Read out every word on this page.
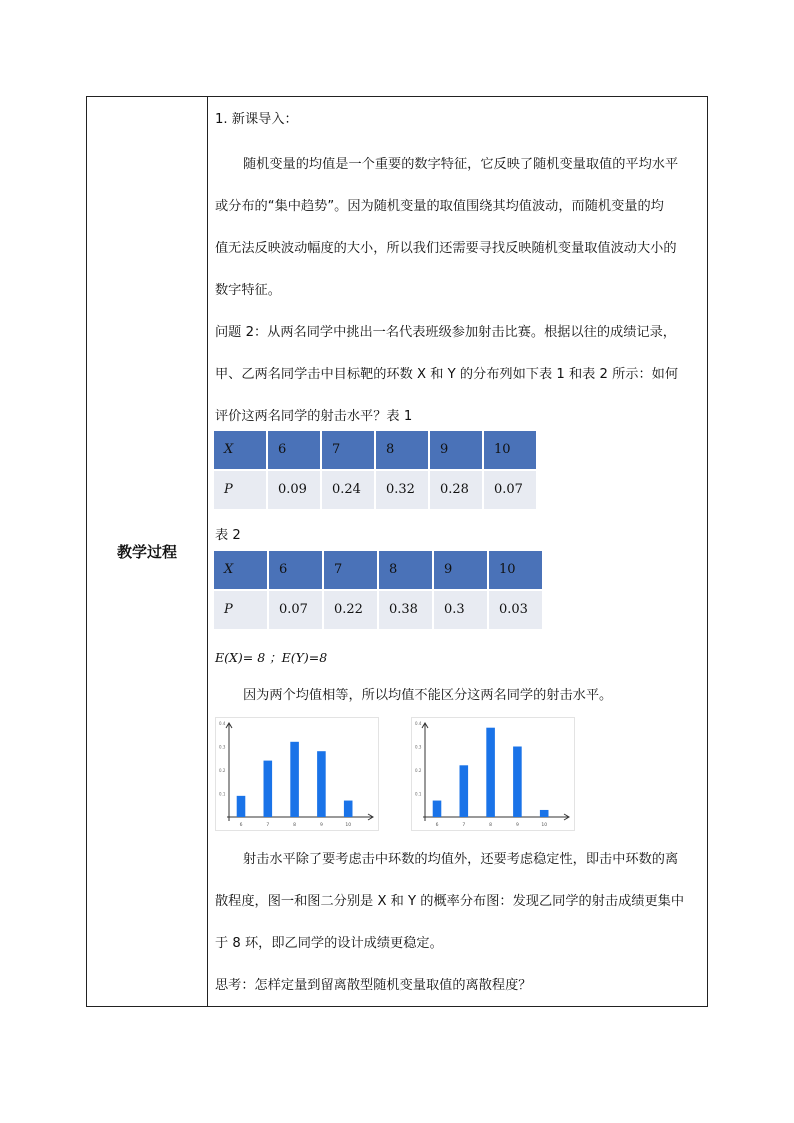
教学过程
1. 新课导入：
随机变量的均值是一个重要的数字特征，它反映了随机变量取值的平均水平
或分布的“集中趋势”。因为随机变量的取值围绕其均值波动，而随机变量的均
值无法反映波动幅度的大小，所以我们还需要寻找反映随机变量取值波动大小的
数字特征。
问题 2：从两名同学中挑出一名代表班级参加射击比赛。根据以往的成绩记录，
甲、乙两名同学击中目标靶的环数 X 和 Y 的分布列如下表 1 和表 2 所示：如何
评价这两名同学的射击水平？表 1
X	6	7	8	9	10
P	0.09	0.24	0.32	0.28	0.07
表 2
X	6	7	8	9	10
P	0.07	0.22	0.38	0.3	0.03
E(X)= 8 ；E(Y)=8
因为两个均值相等，所以均值不能区分这两名同学的射击水平。
0.1
0.2
0.3
0.4
6	7	8	9	10
0.1
0.2
0.3
0.4
6	7	8	9	10
射击水平除了要考虑击中环数的均值外，还要考虑稳定性，即击中环数的离
散程度，图一和图二分别是 X 和 Y 的概率分布图：发现乙同学的射击成绩更集中
于 8 环，即乙同学的设计成绩更稳定。
思考：怎样定量到留离散型随机变量取值的离散程度？
